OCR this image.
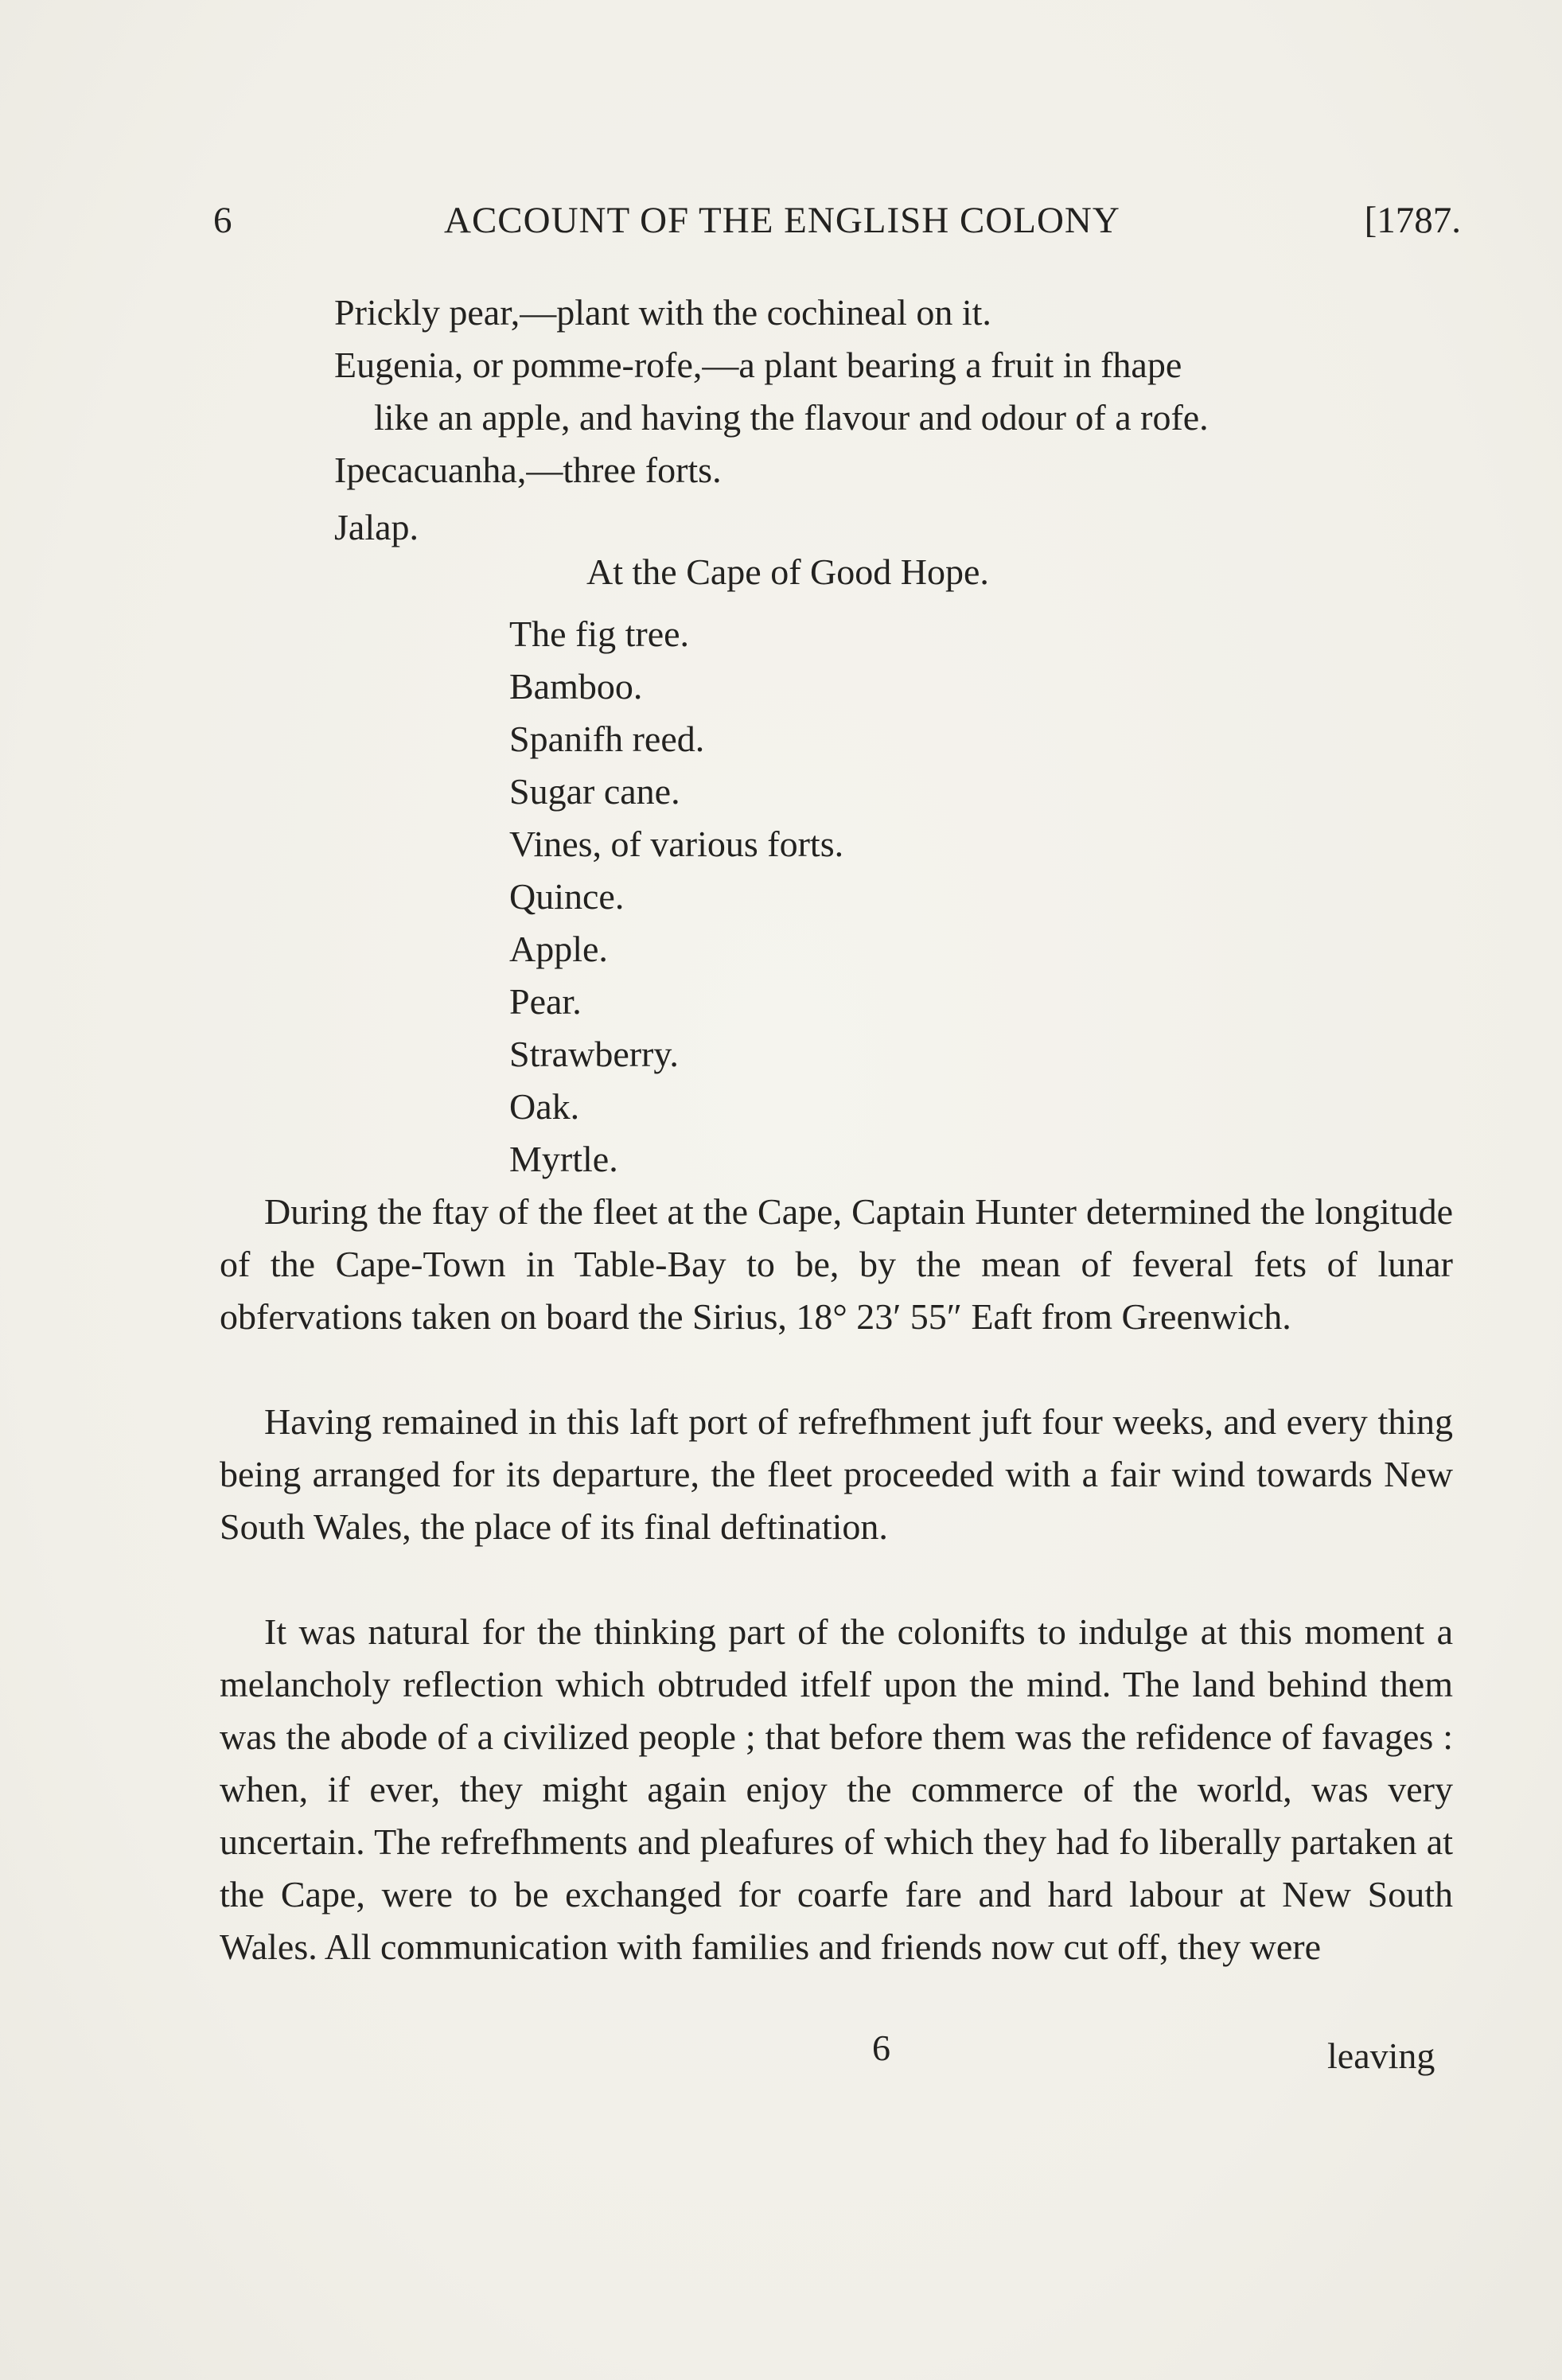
6	ACCOUNT OF THE ENGLISH COLONY	[1787.
Prickly pear,—plant with the cochineal on it.
Eugenia, or pomme-rofe,—a plant bearing a fruit in fhape
like an apple, and having the flavour and odour of a rofe.
Ipecacuanha,—three forts.
Jalap.
At the Cape of Good Hope.
The fig tree.
Bamboo.
Spanifh reed.
Sugar cane.
Vines, of various forts.
Quince.
Apple.
Pear.
Strawberry.
Oak.
Myrtle.
During the ftay of the fleet at the Cape, Captain Hunter determined the longitude of the Cape-Town in Table-Bay to be, by the mean of feveral fets of lunar obfervations taken on board the Sirius, 18° 23′ 55″ Eaft from Greenwich.
Having remained in this laft port of refrefhment juft four weeks, and every thing being arranged for its departure, the fleet proceeded with a fair wind towards New South Wales, the place of its final deftination.
It was natural for the thinking part of the colonifts to indulge at this moment a melancholy reflection which obtruded itfelf upon the mind. The land behind them was the abode of a civilized people ; that before them was the refidence of favages : when, if ever, they might again enjoy the commerce of the world, was very uncertain. The refrefhments and pleafures of which they had fo liberally partaken at the Cape, were to be exchanged for coarfe fare and hard labour at New South Wales. All communication with families and friends now cut off, they were
6	leaving
